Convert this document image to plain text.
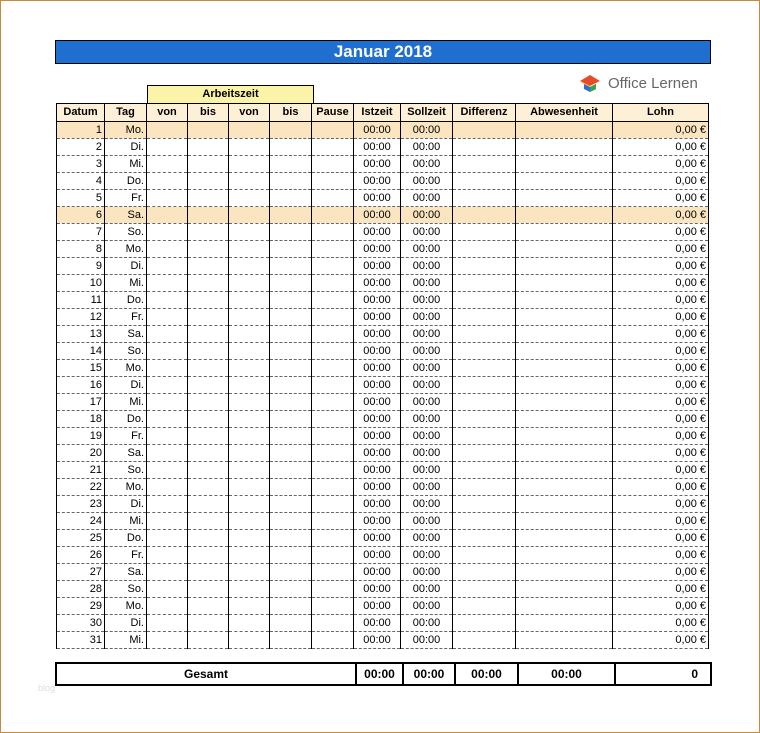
Januar 2018
Office Lernen
Arbeitszeit
Datum	Tag	von	bis	von	bis	Pause	Istzeit	Sollzeit	Differenz	Abwesenheit	Lohn
1	Mo.						00:00	00:00			0,00 €
2	Di.						00:00	00:00			0,00 €
3	Mi.						00:00	00:00			0,00 €
4	Do.						00:00	00:00			0,00 €
5	Fr.						00:00	00:00			0,00 €
6	Sa.						00:00	00:00			0,00 €
7	So.						00:00	00:00			0,00 €
8	Mo.						00:00	00:00			0,00 €
9	Di.						00:00	00:00			0,00 €
10	Mi.						00:00	00:00			0,00 €
11	Do.						00:00	00:00			0,00 €
12	Fr.						00:00	00:00			0,00 €
13	Sa.						00:00	00:00			0,00 €
14	So.						00:00	00:00			0,00 €
15	Mo.						00:00	00:00			0,00 €
16	Di.						00:00	00:00			0,00 €
17	Mi.						00:00	00:00			0,00 €
18	Do.						00:00	00:00			0,00 €
19	Fr.						00:00	00:00			0,00 €
20	Sa.						00:00	00:00			0,00 €
21	So.						00:00	00:00			0,00 €
22	Mo.						00:00	00:00			0,00 €
23	Di.						00:00	00:00			0,00 €
24	Mi.						00:00	00:00			0,00 €
25	Do.						00:00	00:00			0,00 €
26	Fr.						00:00	00:00			0,00 €
27	Sa.						00:00	00:00			0,00 €
28	So.						00:00	00:00			0,00 €
29	Mo.						00:00	00:00			0,00 €
30	Di.						00:00	00:00			0,00 €
31	Mi.						00:00	00:00			0,00 €
Gesamt	00:00	00:00	00:00	00:00	0
blog
